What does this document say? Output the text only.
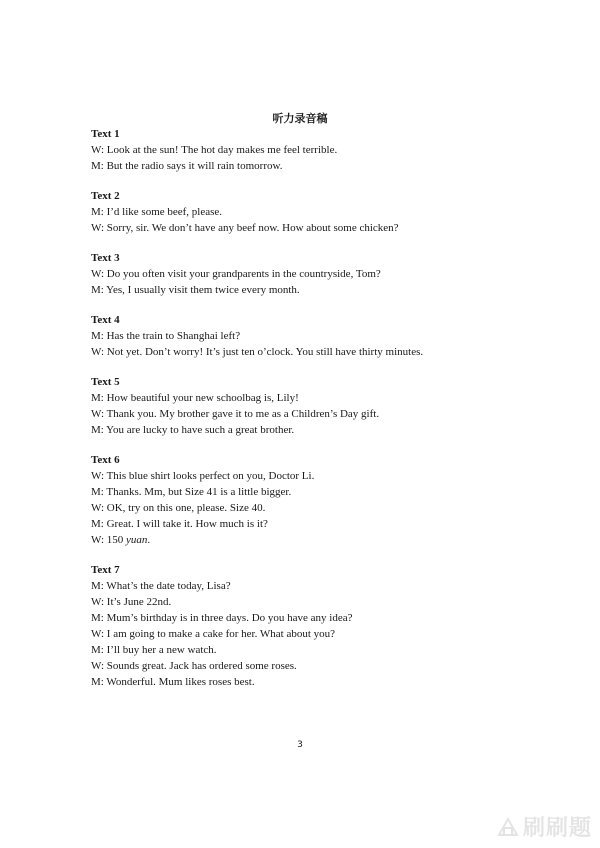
听力录音稿
Text 1
W: Look at the sun! The hot day makes me feel terrible.
M: But the radio says it will rain tomorrow.
Text 2
M: I’d like some beef, please.
W: Sorry, sir. We don’t have any beef now. How about some chicken?
Text 3
W: Do you often visit your grandparents in the countryside, Tom?
M: Yes, I usually visit them twice every month.
Text 4
M: Has the train to Shanghai left?
W: Not yet. Don’t worry! It’s just ten o’clock. You still have thirty minutes.
Text 5
M: How beautiful your new schoolbag is, Lily!
W: Thank you. My brother gave it to me as a Children’s Day gift.
M: You are lucky to have such a great brother.
Text 6
W: This blue shirt looks perfect on you, Doctor Li.
M: Thanks. Mm, but Size 41 is a little bigger.
W: OK, try on this one, please. Size 40.
M: Great. I will take it. How much is it?
W: 150 yuan.
Text 7
M: What’s the date today, Lisa?
W: It’s June 22nd.
M: Mum’s birthday is in three days. Do you have any idea?
W: I am going to make a cake for her. What about you?
M: I’ll buy her a new watch.
W: Sounds great. Jack has ordered some roses.
M: Wonderful. Mum likes roses best.
3
刷刷题
